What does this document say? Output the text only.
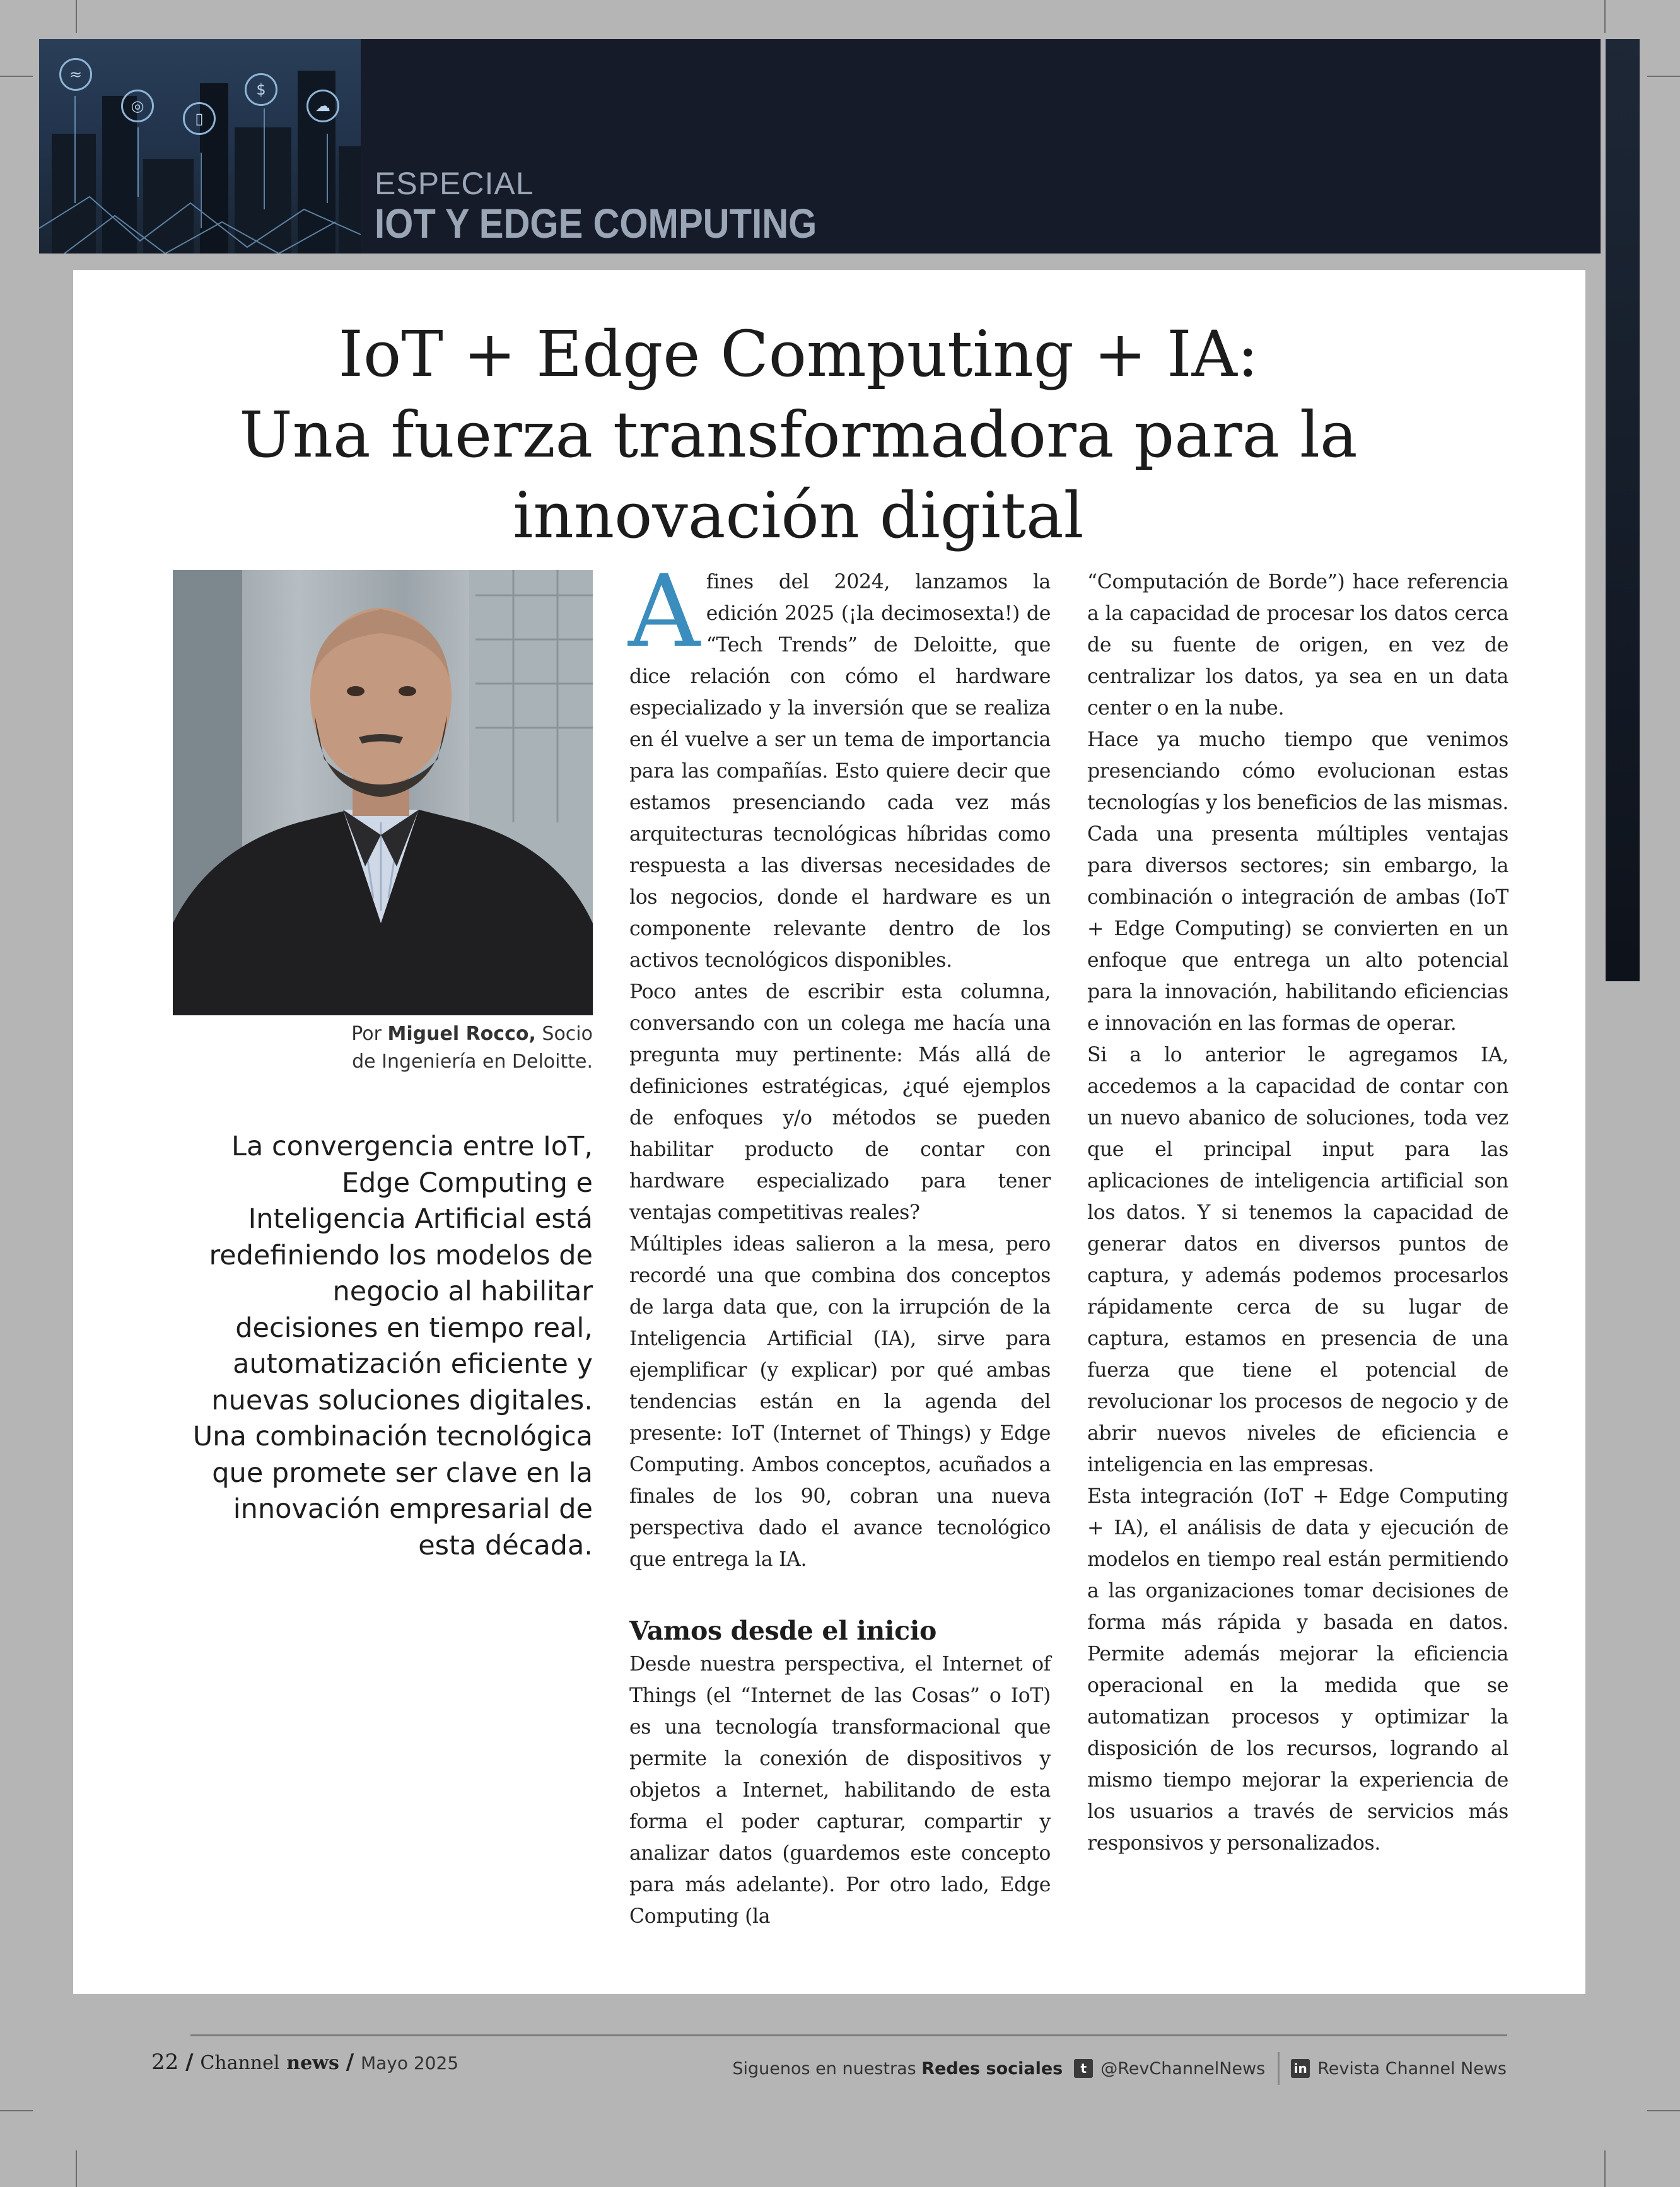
≈
◎
▯
$
☁
ESPECIAL
IOT Y EDGE COMPUTING
IoT + Edge Computing + IA:
Una fuerza transformadora para la
innovación digital
Por Miguel Rocco, Socio
de Ingeniería en Deloitte.
La convergencia entre IoT, Edge Computing e Inteligencia Artificial está redefiniendo los modelos de negocio al habilitar decisiones en tiempo real, automatización eficiente y nuevas soluciones digitales. Una combinación tecnológica que promete ser clave en la innovación empresarial de esta década.

Afines del 2024, lanzamos la edición 2025 (¡la decimosexta!) de “Tech Trends” de Deloitte, que dice relación con cómo el hardware especializado y la inversión que se realiza en él vuelve a ser un tema de importancia para las compañías. Esto quiere decir que estamos presenciando cada vez más arquitecturas tecnológicas híbridas como respuesta a las diversas necesidades de los negocios, donde el hardware es un componente relevante dentro de los activos tecnológicos disponibles.

Poco antes de escribir esta columna, conversando con un colega me hacía una pregunta muy pertinente: Más allá de definiciones estratégicas, ¿qué ejemplos de enfoques y/o métodos se pueden habilitar producto de contar con hardware especializado para tener ventajas competitivas reales?

Múltiples ideas salieron a la mesa, pero recordé una que combina dos conceptos de larga data que, con la irrupción de la Inteligencia Artificial (IA), sirve para ejemplificar (y explicar) por qué ambas tendencias están en la agenda del presente: IoT (Internet of Things) y Edge Computing. Ambos conceptos, acuñados a finales de los 90, cobran una nueva perspectiva dado el avance tecnológico que entrega la IA.

Vamos desde el inicio

Desde nuestra perspectiva, el Internet of Things (el “Internet de las Cosas” o IoT) es una tecnología transformacional que permite la conexión de dispositivos y objetos a Internet, habilitando de esta forma el poder capturar, compartir y analizar datos (guardemos este concepto para más adelante). Por otro lado, Edge Computing (la

“Computación de Borde”) hace referencia a la capacidad de procesar los datos cerca de su fuente de origen, en vez de centralizar los datos, ya sea en un data center o en la nube.

Hace ya mucho tiempo que venimos presenciando cómo evolucionan estas tecnologías y los beneficios de las mismas. Cada una presenta múltiples ventajas para diversos sectores; sin embargo, la combinación o integración de ambas (IoT + Edge Computing) se convierten en un enfoque que entrega un alto potencial para la innovación, habilitando eficiencias e innovación en las formas de operar.

Si a lo anterior le agregamos IA, accedemos a la capacidad de contar con un nuevo abanico de soluciones, toda vez que el principal input para las aplicaciones de inteligencia artificial son los datos. Y si tenemos la capacidad de generar datos en diversos puntos de captura, y además podemos procesarlos rápidamente cerca de su lugar de captura, estamos en presencia de una fuerza que tiene el potencial de revolucionar los procesos de negocio y de abrir nuevos niveles de eficiencia e inteligencia en las empresas.

Esta integración (IoT + Edge Computing + IA), el análisis de data y ejecución de modelos en tiempo real están permitiendo a las organizaciones tomar decisiones de forma más rápida y basada en datos. Permite además mejorar la eficiencia operacional en la medida que se automatizan procesos y optimizar la disposición de los recursos, logrando al mismo tiempo mejorar la experiencia de los usuarios a través de servicios más responsivos y personalizados.

22 / Channel news / Mayo 2025	Siguenos en nuestras
Redes sociales	t @RevChannelNews in Revista Channel News
